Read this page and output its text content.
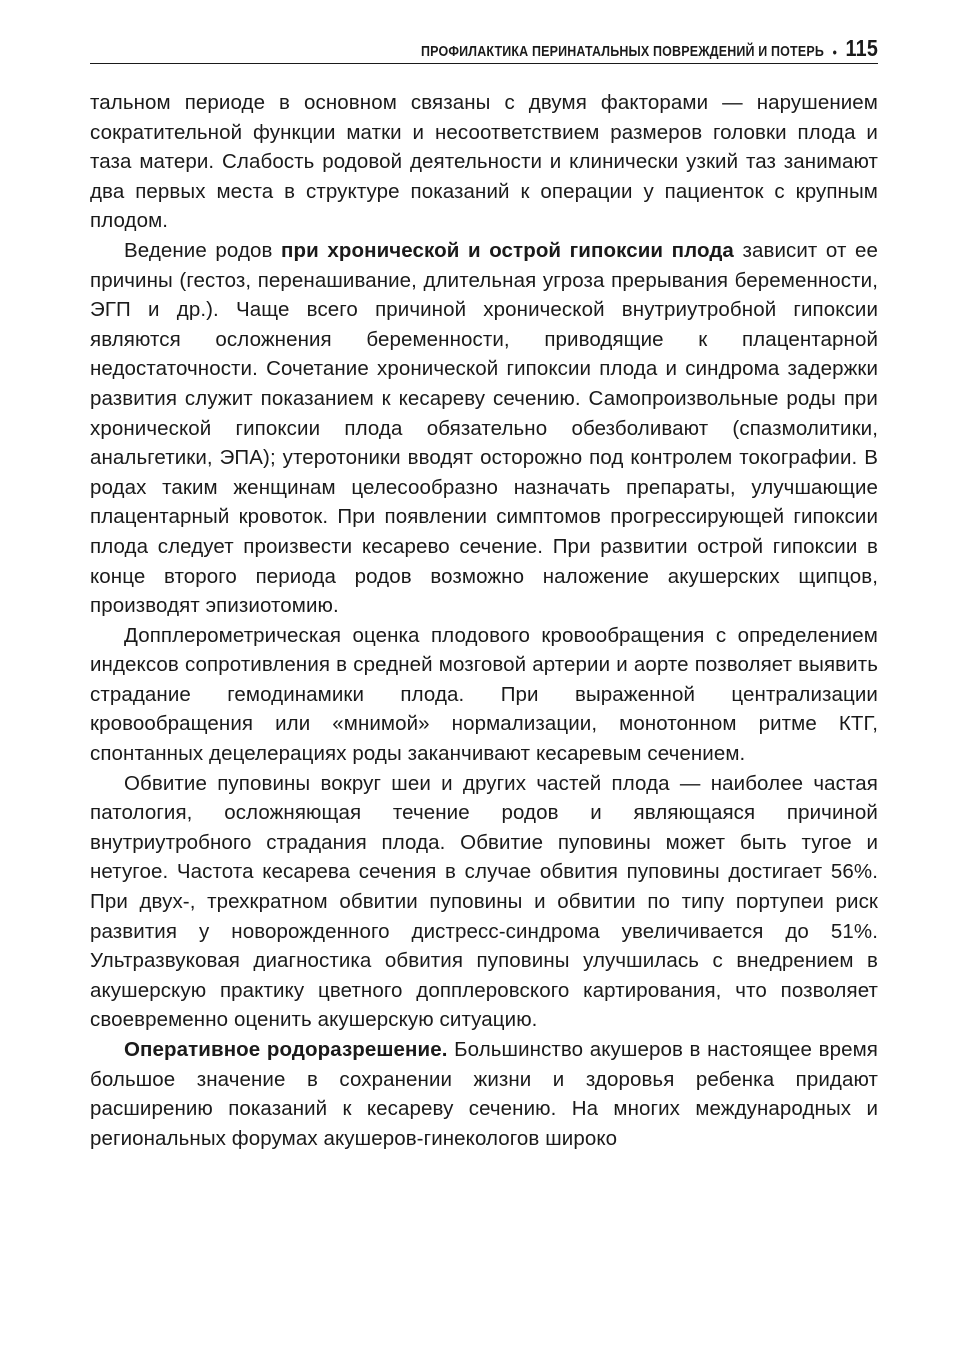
ПРОФИЛАКТИКА ПЕРИНАТАЛЬНЫХ ПОВРЕЖДЕНИЙ И ПОТЕРЬ • 115

тальном периоде в основном связаны с двумя факторами — нарушением сократительной функции матки и несоответствием размеров головки плода и таза матери. Слабость родовой деятельности и клинически узкий таз занимают два первых места в структуре показаний к операции у пациенток с крупным плодом.

Ведение родов при хронической и острой гипоксии плода зависит от ее причины (гестоз, перенашивание, длительная угроза прерывания беременности, ЭГП и др.). Чаще всего причиной хронической внутриутробной гипоксии являются осложнения беременности, приводящие к плацентарной недостаточности. Сочетание хронической гипоксии плода и синдрома задержки развития служит показанием к кесареву сечению. Самопроизвольные роды при хронической гипоксии плода обязательно обезболивают (спазмолитики, анальгетики, ЭПА); утеротоники вводят осторожно под контролем токографии. В родах таким женщинам целесообразно назначать препараты, улучшающие плацентарный кровоток. При появлении симптомов прогрессирующей гипоксии плода следует произвести кесарево сечение. При развитии острой гипоксии в конце второго периода родов возможно наложение акушерских щипцов, производят эпизиотомию.

Допплерометрическая оценка плодового кровообращения с определением индексов сопротивления в средней мозговой артерии и аорте позволяет выявить страдание гемодинамики плода. При выраженной централизации кровообращения или «мнимой» нормализации, монотонном ритме КТГ, спонтанных децелерациях роды заканчивают кесаревым сечением.

Обвитие пуповины вокруг шеи и других частей плода — наиболее частая патология, осложняющая течение родов и являющаяся причиной внутриутробного страдания плода. Обвитие пуповины может быть тугое и нетугое. Частота кесарева сечения в случае обвития пуповины достигает 56%. При двух-, трехкратном обвитии пуповины и обвитии по типу портупеи риск развития у новорожденного дистресс-синдрома увеличивается до 51%. Ультразвуковая диагностика обвития пуповины улучшилась с внедрением в акушерскую практику цветного допплеровского картирования, что позволяет своевременно оценить акушерскую ситуацию.

Оперативное родоразрешение. Большинство акушеров в настоящее время большое значение в сохранении жизни и здоровья ребенка придают расширению показаний к кесареву сечению. На многих международных и региональных форумах акушеров-гинекологов широко
